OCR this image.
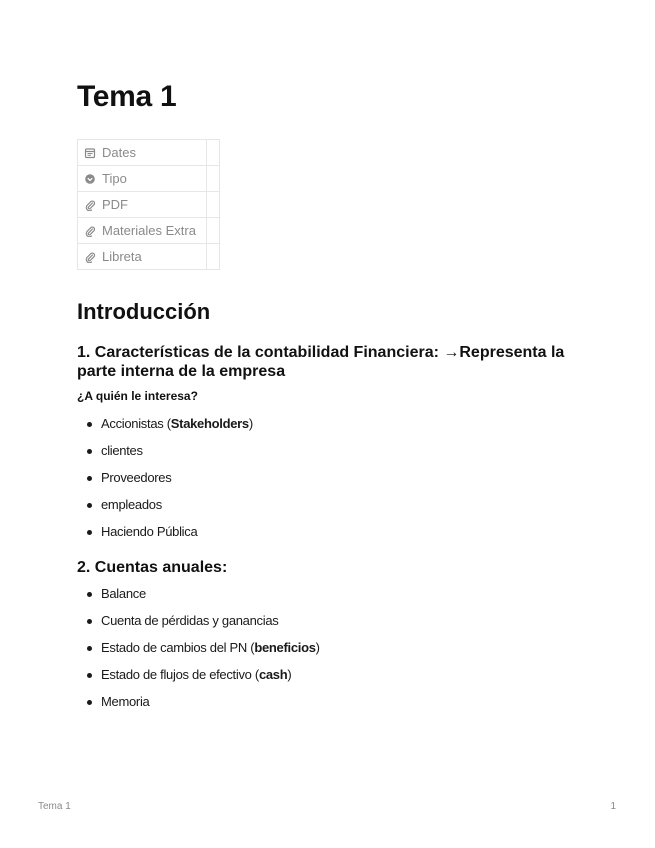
Tema 1
Dates	

Tipo	

PDF	

Materiales Extra	

Libreta	

Introducción
1. Características de la contabilidad Financiera: →Representa la parte interna de la empresa
¿A quién le interesa?
Accionistas (Stakeholders)
clientes
Proveedores
empleados
Haciendo Pública
2. Cuentas anuales:
Balance
Cuenta de pérdidas y ganancias
Estado de cambios del PN (beneficios)
Estado de flujos de efectivo (cash)
Memoria
Tema 1	1
